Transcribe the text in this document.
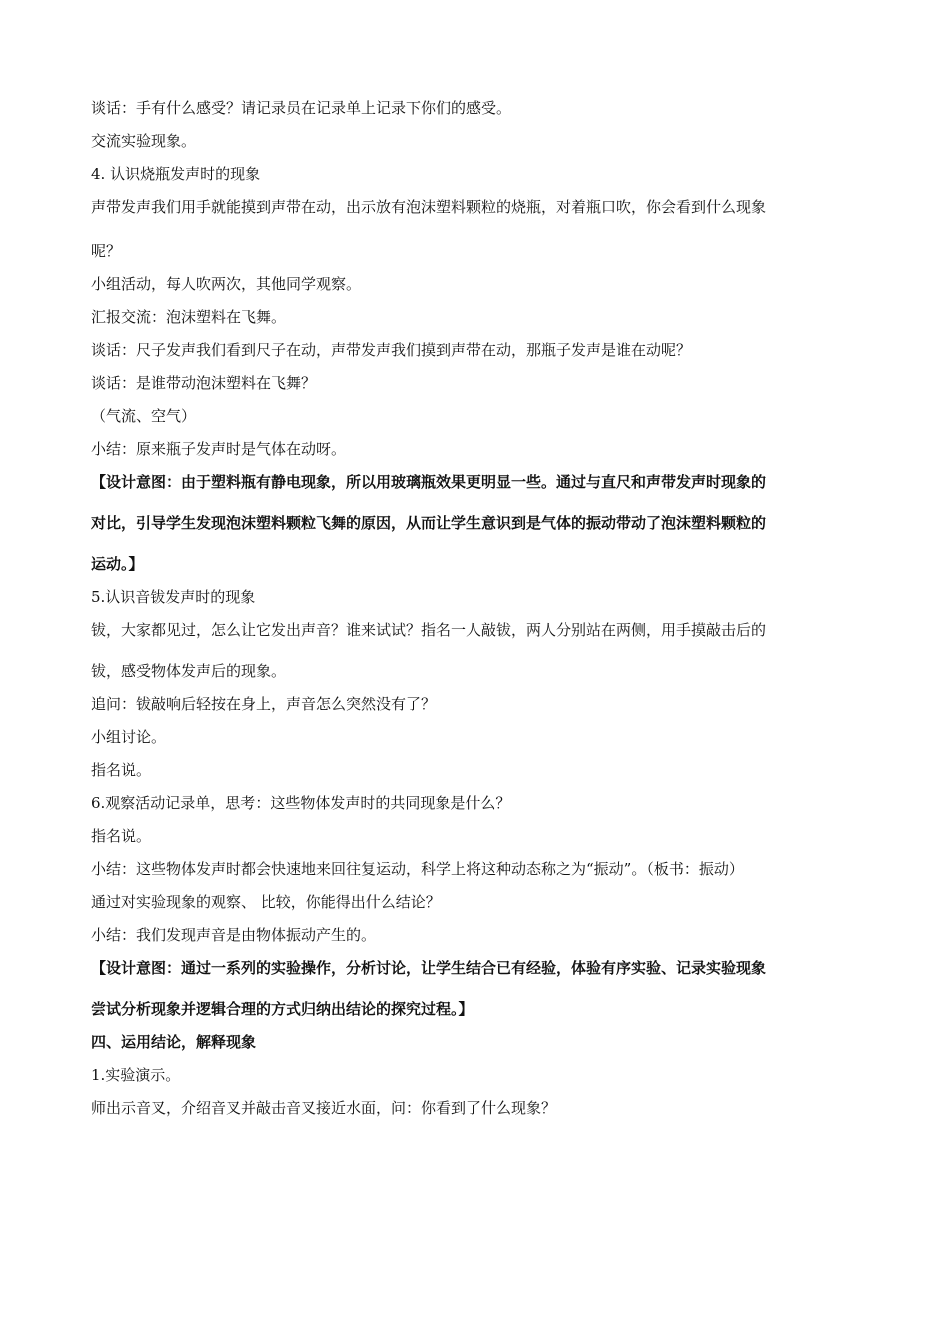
谈话：手有什么感受？请记录员在记录单上记录下你们的感受。

交流实验现象。

4. 认识烧瓶发声时的现象

声带发声我们用手就能摸到声带在动，出示放有泡沫塑料颗粒的烧瓶，对着瓶口吹，你会看到什么现象

呢？

小组活动，每人吹两次，其他同学观察。

汇报交流：泡沫塑料在飞舞。

谈话：尺子发声我们看到尺子在动，声带发声我们摸到声带在动，那瓶子发声是谁在动呢？

谈话：是谁带动泡沫塑料在飞舞？

（气流、空气）

小结：原来瓶子发声时是气体在动呀。

【设计意图：由于塑料瓶有静电现象，所以用玻璃瓶效果更明显一些。通过与直尺和声带发声时现象的

对比，引导学生发现泡沫塑料颗粒飞舞的原因，从而让学生意识到是气体的振动带动了泡沫塑料颗粒的

运动。】

5.认识音钹发声时的现象

钹，大家都见过，怎么让它发出声音？谁来试试？指名一人敲钹，两人分别站在两侧，用手摸敲击后的

钹，感受物体发声后的现象。

追问：钹敲响后轻按在身上，声音怎么突然没有了？

小组讨论。

指名说。

6.观察活动记录单，思考：这些物体发声时的共同现象是什么？

指名说。

小结：这些物体发声时都会快速地来回往复运动，科学上将这种动态称之为“振动”。（板书：振动）

通过对实验现象的观察、 比较，你能得出什么结论？

小结：我们发现声音是由物体振动产生的。

【设计意图：通过一系列的实验操作，分析讨论，让学生结合已有经验，体验有序实验、记录实验现象

尝试分析现象并逻辑合理的方式归纳出结论的探究过程。】

四、运用结论，解释现象

1.实验演示。

师出示音叉，介绍音叉并敲击音叉接近水面，问：你看到了什么现象？
